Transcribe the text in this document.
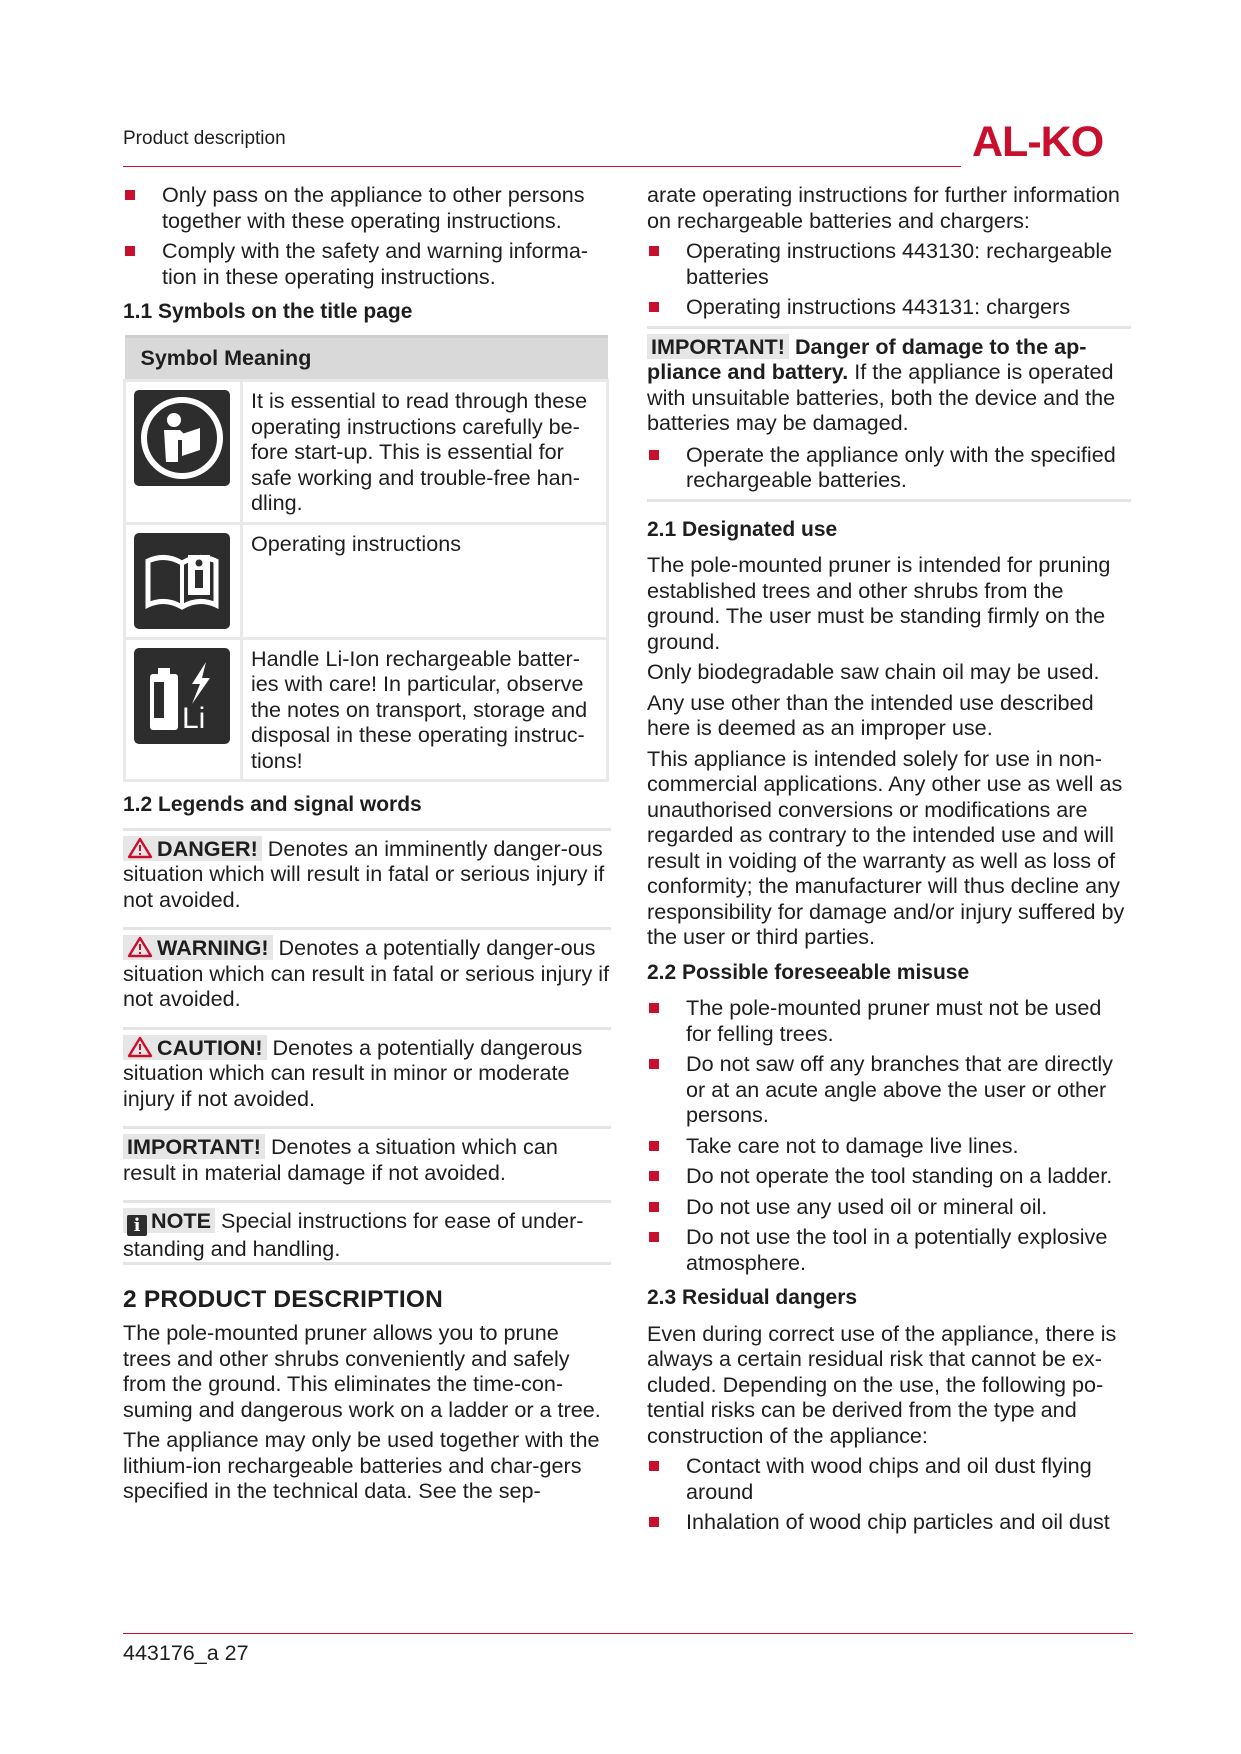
Product description	AL-KO
Only pass on the appliance to other persons together with these operating instructions.
Comply with the safety and warning informa-tion in these operating instructions.
1.1 Symbols on the title page
Symbol Meaning	

	It is essential to read through these operating instructions carefully be-fore start-up. This is essential for safe working and trouble-free han-dling.

	Operating instructions

Li	Handle Li-Ion rechargeable batter-ies with care! In particular, observe the notes on transport, storage and disposal in these operating instruc-tions!
1.2 Legends and signal words
DANGER! Denotes an imminently danger-ous situation which will result in fatal or serious injury if not avoided.
WARNING! Denotes a potentially danger-ous situation which can result in fatal or serious injury if not avoided.
CAUTION! Denotes a potentially dangerous situation which can result in minor or moderate injury if not avoided.
IMPORTANT! Denotes a situation which can result in material damage if not avoided.
i NOTE Special instructions for ease of under-standing and handling.
2 PRODUCT DESCRIPTION

The pole-mounted pruner allows you to prune trees and other shrubs conveniently and safely from the ground. This eliminates the time-con-suming and dangerous work on a ladder or a tree.

The appliance may only be used together with the lithium-ion rechargeable batteries and char-gers specified in the technical data. See the sep-

arate operating instructions for further information on rechargeable batteries and chargers:

Operating instructions 443130: rechargeable batteries
Operating instructions 443131: chargers
IMPORTANT! Danger of damage to the ap-pliance and battery. If the appliance is operated with unsuitable batteries, both the device and the batteries may be damaged.
Operate the appliance only with the specified rechargeable batteries.
2.1 Designated use

The pole-mounted pruner is intended for pruning established trees and other shrubs from the ground. The user must be standing firmly on the ground.

Only biodegradable saw chain oil may be used.

Any use other than the intended use described here is deemed as an improper use.

This appliance is intended solely for use in non-commercial applications. Any other use as well as unauthorised conversions or modifications are regarded as contrary to the intended use and will result in voiding of the warranty as well as loss of conformity; the manufacturer will thus decline any responsibility for damage and/or injury suffered by the user or third parties.

2.2 Possible foreseeable misuse
The pole-mounted pruner must not be used for felling trees.
Do not saw off any branches that are directly or at an acute angle above the user or other persons.
Take care not to damage live lines.
Do not operate the tool standing on a ladder.
Do not use any used oil or mineral oil.
Do not use the tool in a potentially explosive atmosphere.
2.3 Residual dangers

Even during correct use of the appliance, there is always a certain residual risk that cannot be ex-cluded. Depending on the use, the following po-tential risks can be derived from the type and construction of the appliance:

Contact with wood chips and oil dust flying around
Inhalation of wood chip particles and oil dust
443176_a 27
